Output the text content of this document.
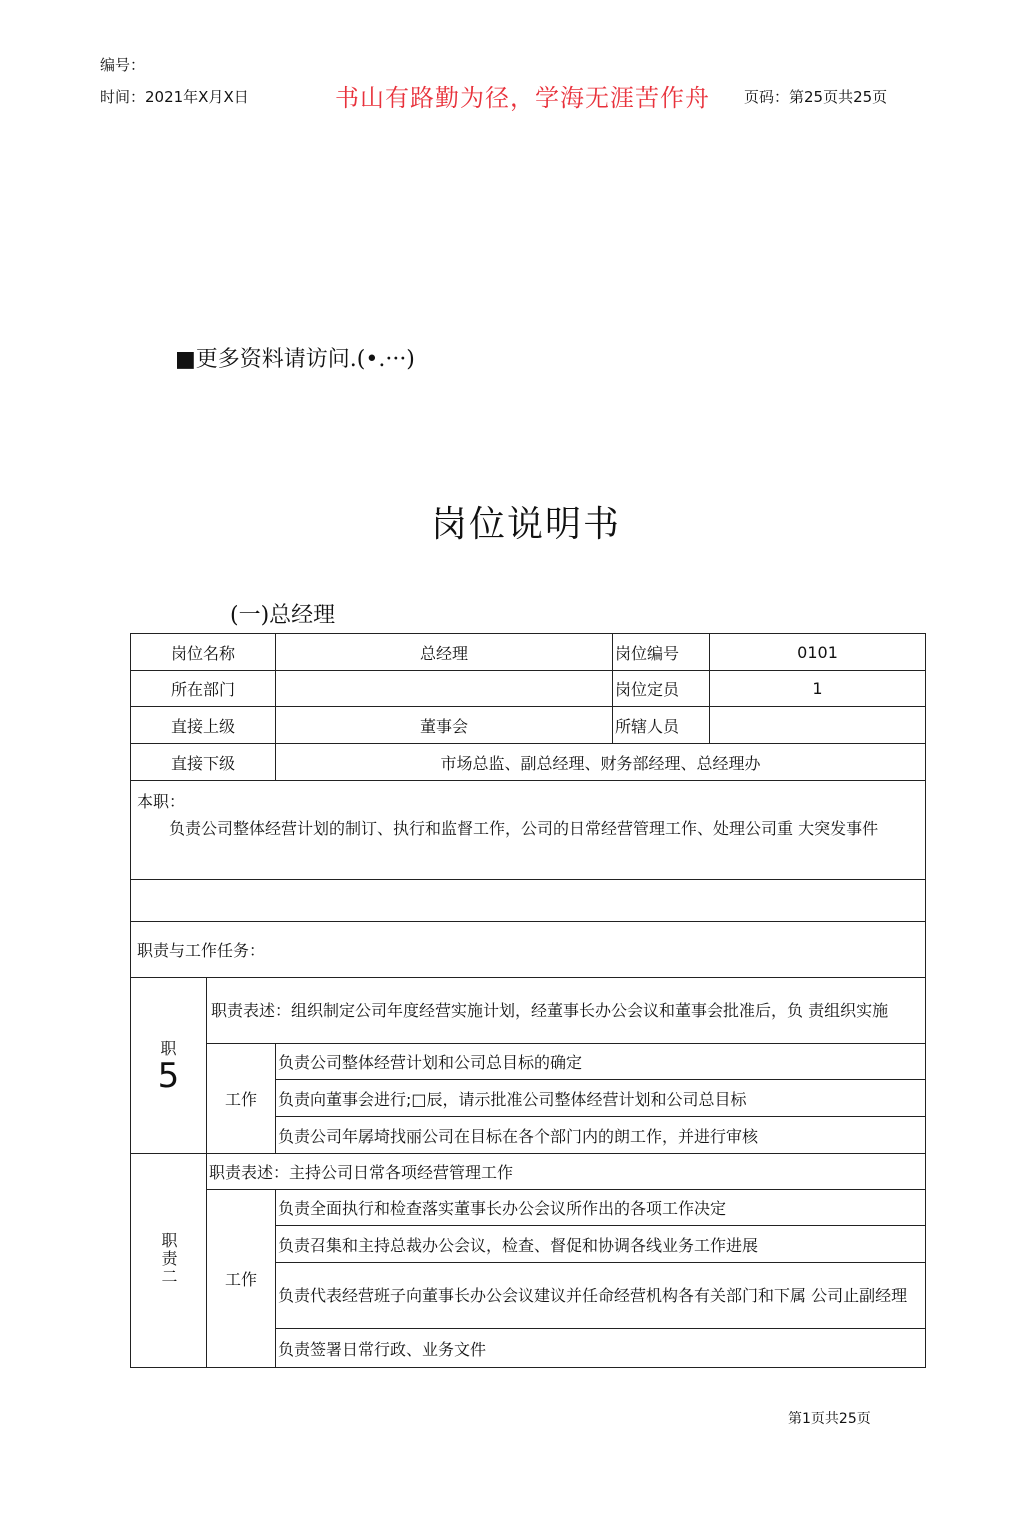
编号：
时间：2021年X月X日	书山有路勤为径，学海无涯苦作舟 页码：第25页共25页
■更多资料请访问.(•.···)
岗位说明书
(一)总经理
岗位名称		总经理	岗位编号	0101
所在部门			岗位定员	1
直接上级		董事会	所辖人员	
直接下级		市场总监、副总经理、财务部经理、总经理办		

本职：
负责公司整体经营计划的制订、执行和监督工作，公司的日常经营管理工作、处理公司重 大突发事件				

职责与工作任务：				

职
5	职责表述：组织制定公司年度经营实施计划，经董事长办公会议和董事会批准后，负 责组织实施			
	工作	负责公司整体经营计划和公司总目标的确定		
		负责向董事会进行;□辰，请示批准公司整体经营计划和公司总目标		
		负责公司年孱埼找丽公司在目标在各个部门内的朗工作，并进行审核		
职责二	职责表述：主持公司日常各项经营管理工作			
	工作	负责全面执行和检查落实董事长办公会议所作出的各项工作决定		
		负责召集和主持总裁办公会议，检查、督促和协调各线业务工作进展		
		负责代表经营班子向董事长办公会议建议并任命经营机构各有关部门和下属 公司止副经理		
		负责签署日常行政、业务文件		
第1页共25页
